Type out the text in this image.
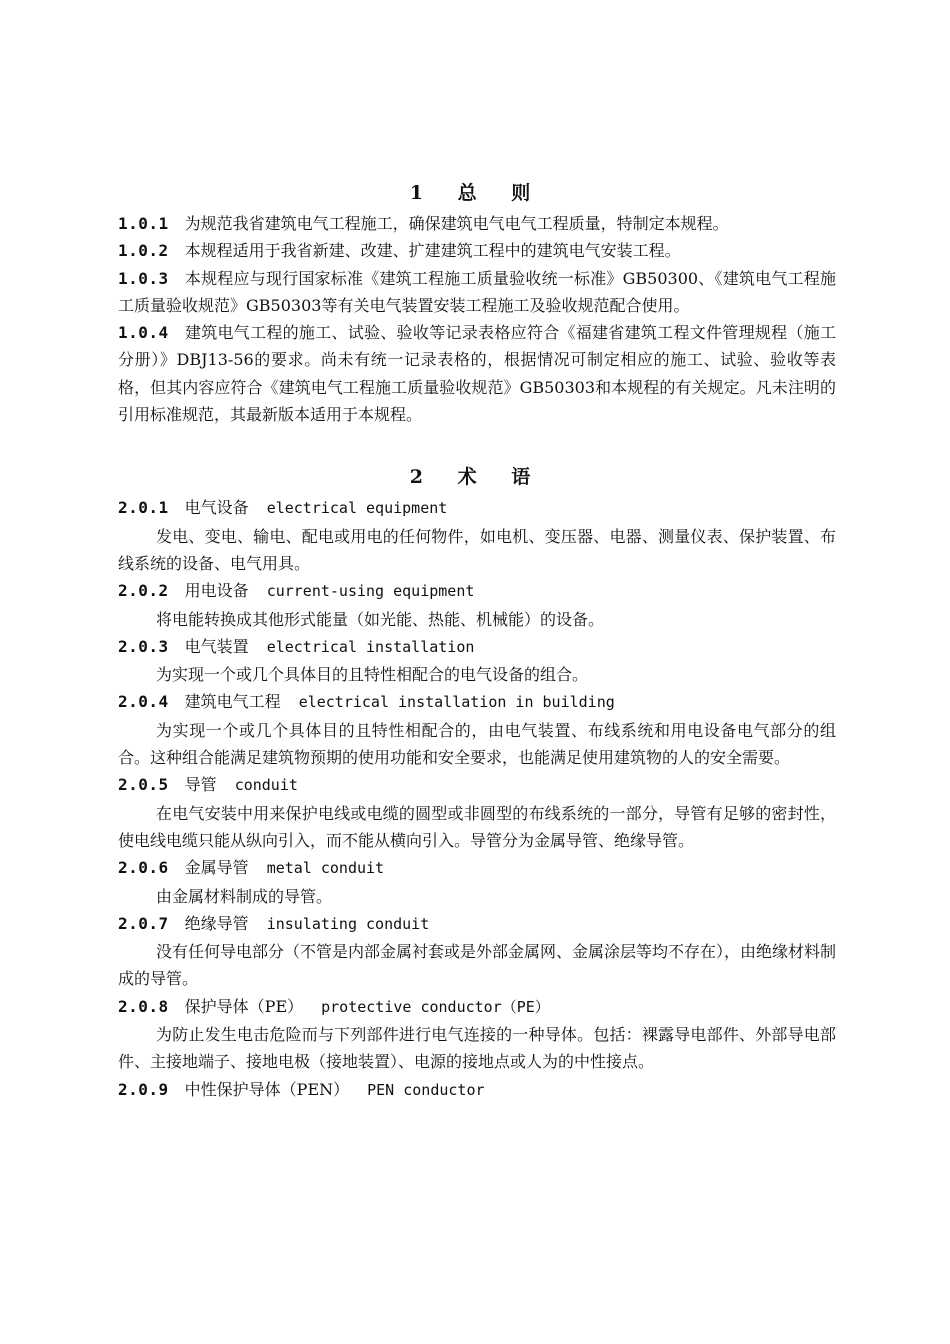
1 总 则

1.0.1 为规范我省建筑电气工程施工，确保建筑电气电气工程质量，特制定本规程。

1.0.2 本规程适用于我省新建、改建、扩建建筑工程中的建筑电气安装工程。

1.0.3 本规程应与现行国家标准《建筑工程施工质量验收统一标准》GB50300、《建筑电气工程施工质量验收规范》GB50303等有关电气装置安装工程施工及验收规范配合使用。

1.0.4 建筑电气工程的施工、试验、验收等记录表格应符合《福建省建筑工程文件管理规程（施工分册）》DBJ13-56的要求。尚未有统一记录表格的，根据情况可制定相应的施工、试验、验收等表格，但其内容应符合《建筑电气工程施工质量验收规范》GB50303和本规程的有关规定。凡未注明的引用标准规范，其最新版本适用于本规程。

2 术 语

2.0.1 电气设备 electrical equipment

发电、变电、输电、配电或用电的任何物件，如电机、变压器、电器、测量仪表、保护装置、布线系统的设备、电气用具。

2.0.2 用电设备 current-using equipment

将电能转换成其他形式能量（如光能、热能、机械能）的设备。

2.0.3 电气装置 electrical installation

为实现一个或几个具体目的且特性相配合的电气设备的组合。

2.0.4 建筑电气工程 electrical installation in building

为实现一个或几个具体目的且特性相配合的，由电气装置、布线系统和用电设备电气部分的组合。这种组合能满足建筑物预期的使用功能和安全要求，也能满足使用建筑物的人的安全需要。

2.0.5 导管 conduit

在电气安装中用来保护电线或电缆的圆型或非圆型的布线系统的一部分，导管有足够的密封性，使电线电缆只能从纵向引入，而不能从横向引入。导管分为金属导管、绝缘导管。

2.0.6 金属导管 metal conduit

由金属材料制成的导管。

2.0.7 绝缘导管 insulating conduit

没有任何导电部分（不管是内部金属衬套或是外部金属网、金属涂层等均不存在），由绝缘材料制成的导管。

2.0.8 保护导体（PE） protective conductor（PE）

为防止发生电击危险而与下列部件进行电气连接的一种导体。包括：裸露导电部件、外部导电部件、主接地端子、接地电极（接地装置）、电源的接地点或人为的中性接点。

2.0.9 中性保护导体（PEN） PEN conductor
